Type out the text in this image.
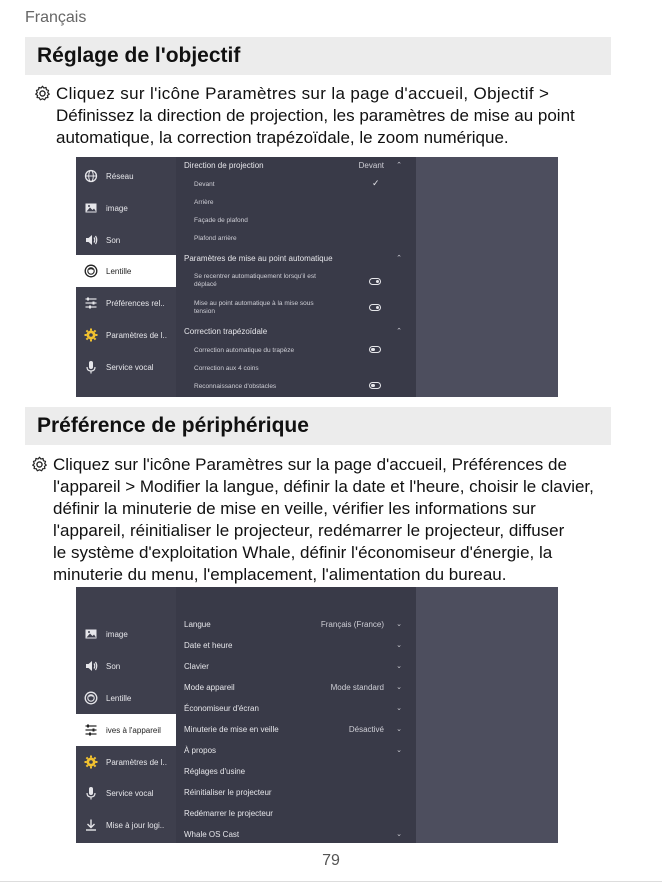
Français
Réglage de l'objectif

Cliquez sur l'icône Paramètres sur la page d'accueil, Objectif >

Définissez la direction de projection, les paramètres de mise au point

automatique, la correction trapézoïdale, le zoom numérique.

Réseau
image
Son
Lentille
Préférences rel..
Paramètres de l..
Service vocal
Direction de projection	Devant ⌃
Devant	✓
Arrière
Façade de plafond
Plafond arrière
Paramètres de mise au point automatique	⌃
Se recentrer automatiquement lorsqu'il est
déplacé
Mise au point automatique à la mise sous
tension
Correction trapézoïdale	⌃
Correction automatique du trapèze
Correction aux 4 coins
Reconnaissance d'obstacles
Préférence de périphérique

Cliquez sur l'icône Paramètres sur la page d'accueil, Préférences de

l'appareil > Modifier la langue, définir la date et l'heure, choisir le clavier,

définir la minuterie de mise en veille, vérifier les informations sur

l'appareil, réinitialiser le projecteur, redémarrer le projecteur, diffuser

le système d'exploitation Whale, définir l'économiseur d'énergie, la

minuterie du menu, l'emplacement, l'alimentation du bureau.

image
Son
Lentille
ives à l'appareil
Paramètres de l..
Service vocal
Mise à jour logi..
Langue	Français (France) ⌄
Date et heure	⌄
Clavier	⌄
Mode appareil	Mode standard ⌄
Économiseur d'écran	⌄
Minuterie de mise en veille	Désactivé ⌄
À propos	⌄
Réglages d'usine
Réinitialiser le projecteur
Redémarrer le projecteur
Whale OS Cast	⌄
79
